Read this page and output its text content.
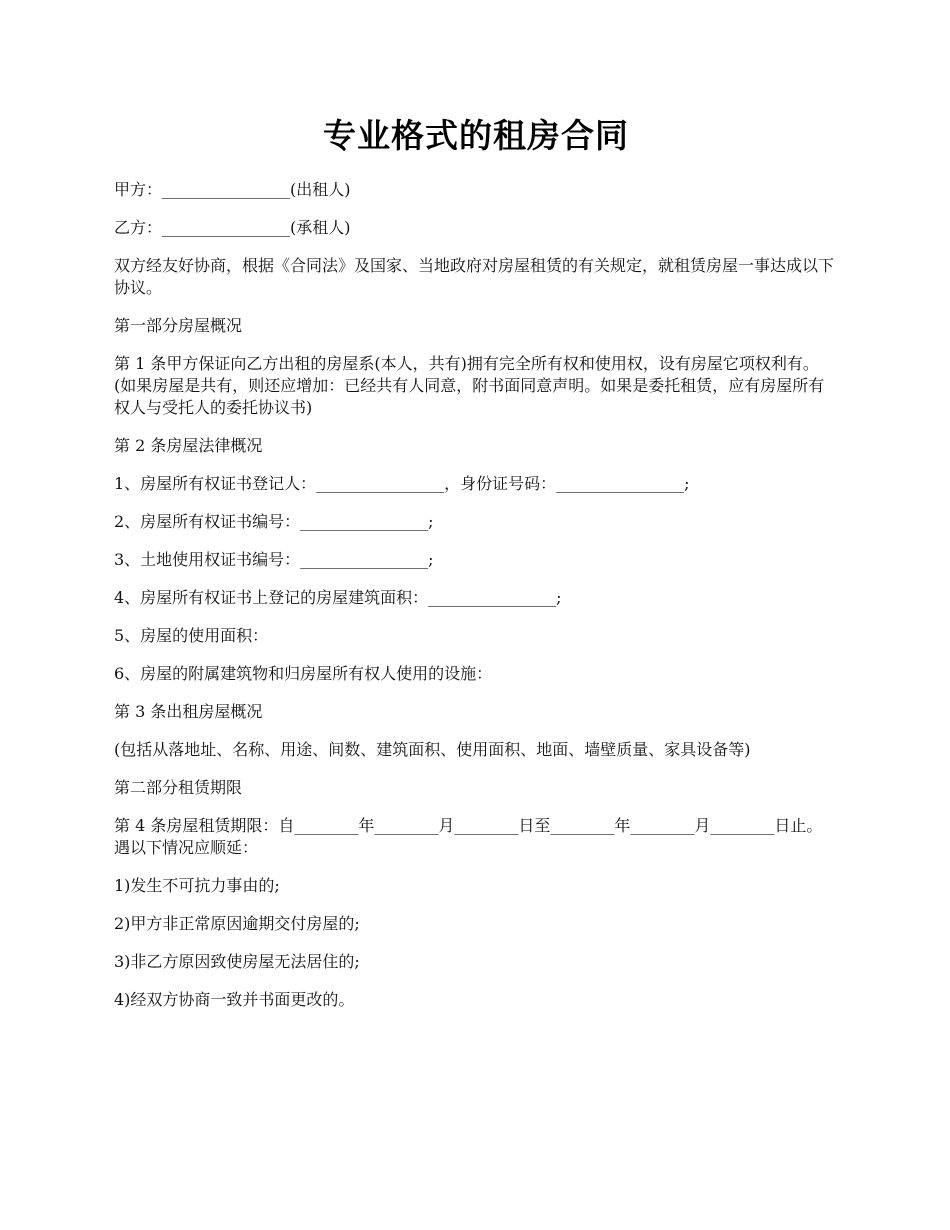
专业格式的租房合同

甲方：________________(出租人)

乙方：________________(承租人)

双方经友好协商，根据《合同法》及国家、当地政府对房屋租赁的有关规定，就租赁房屋一事达成以下协议。

第一部分房屋概况

第 1 条甲方保证向乙方出租的房屋系(本人，共有)拥有完全所有权和使用权，设有房屋它项权利有。(如果房屋是共有，则还应增加：已经共有人同意，附书面同意声明。如果是委托租赁，应有房屋所有权人与受托人的委托协议书)

第 2 条房屋法律概况

1、房屋所有权证书登记人：________________，身份证号码：________________;

2、房屋所有权证书编号：________________;

3、土地使用权证书编号：________________;

4、房屋所有权证书上登记的房屋建筑面积：________________;

5、房屋的使用面积：

6、房屋的附属建筑物和归房屋所有权人使用的设施：

第 3 条出租房屋概况

(包括从落地址、名称、用途、间数、建筑面积、使用面积、地面、墙壁质量、家具设备等)

第二部分租赁期限

第 4 条房屋租赁期限：自________年________月________日至________年________月________日止。遇以下情况应顺延：

1)发生不可抗力事由的;

2)甲方非正常原因逾期交付房屋的;

3)非乙方原因致使房屋无法居住的;

4)经双方协商一致并书面更改的。
